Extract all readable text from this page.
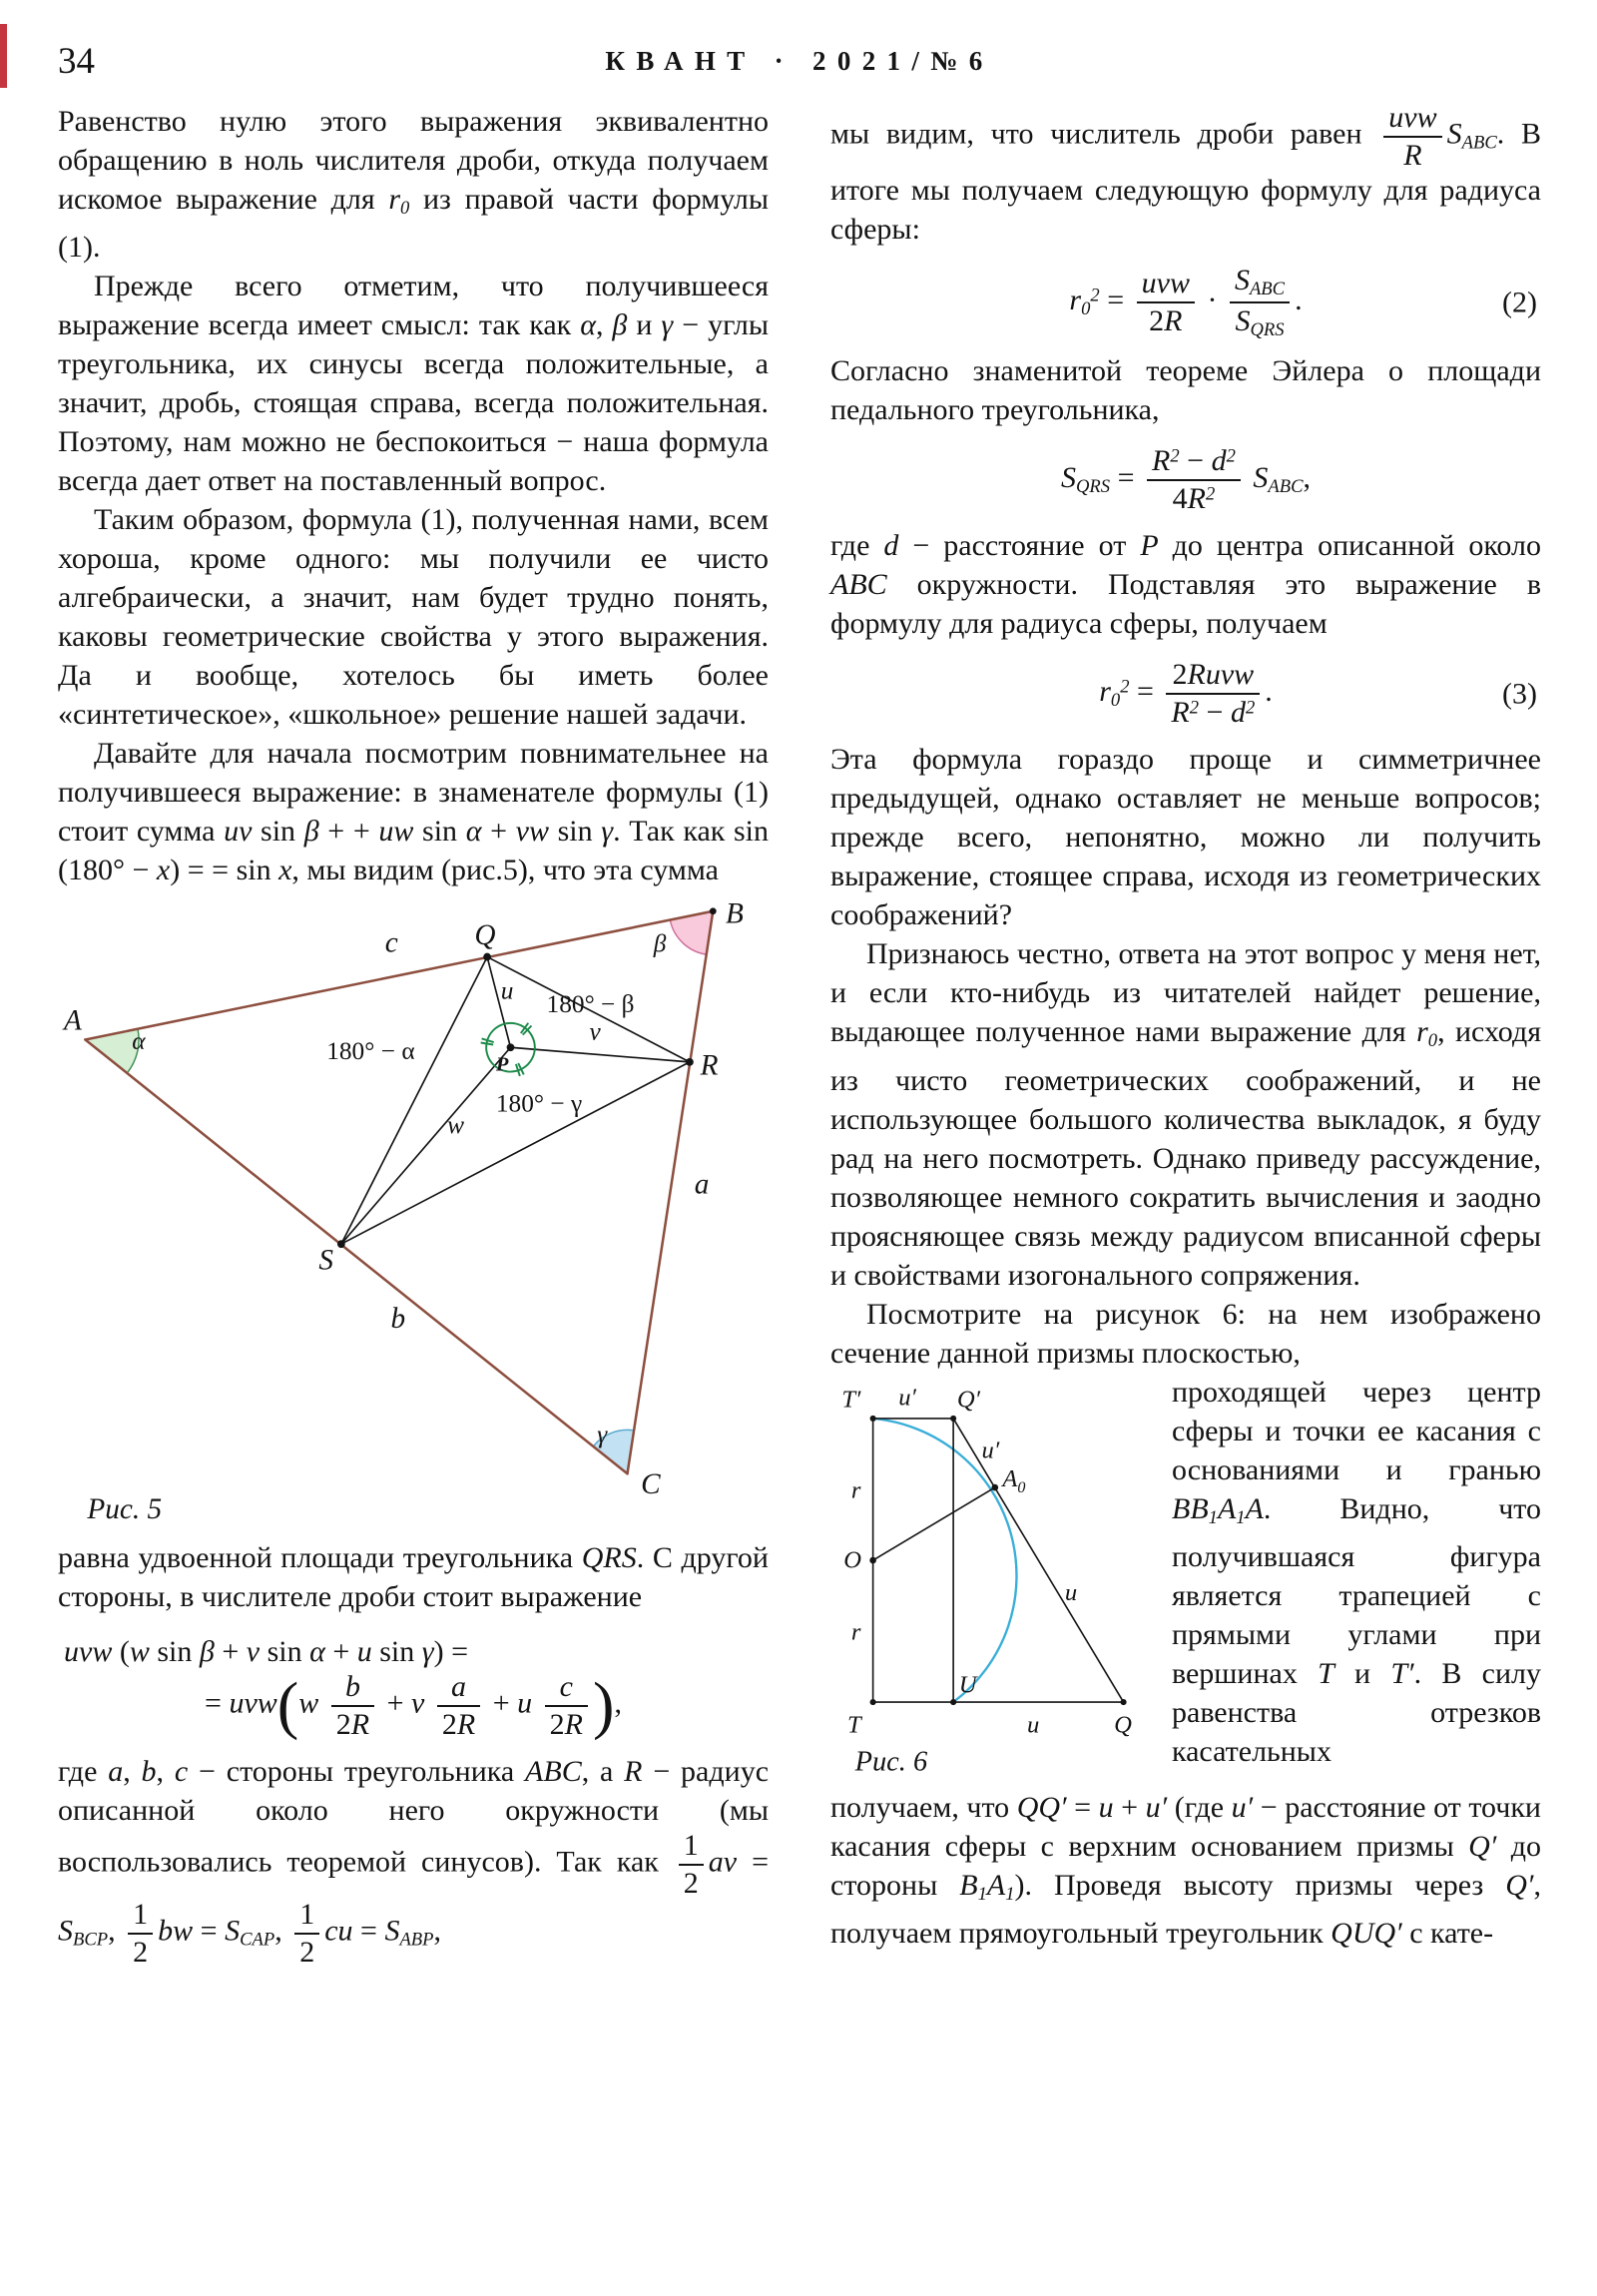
34	КВАНТ · 2021/№6

Равенство нулю этого выражения эквивалентно обращению в ноль числителя дроби, откуда получаем искомое выражение для $r_0$ из правой части формулы (1).

Прежде всего отметим, что получившееся выражение всегда имеет смысл: так как α, β и γ − углы треугольника, их синусы всегда положительные, а значит, дробь, стоящая справа, всегда положительная. Поэтому, нам можно не беспокоиться − наша формула всегда дает ответ на поставленный вопрос.

Таким образом, формула (1), полученная нами, всем хороша, кроме одного: мы получили ее чисто алгебраически, а значит, нам будет трудно понять, каковы геометрические свойства у этого выражения. Да и вообще, хотелось бы иметь более «синтетическое», «школьное» решение нашей задачи.

Давайте для начала посмотрим повнимательнее на получившееся выражение: в знаменателе формулы (1) стоит сумма uv sin β + + uw sin α + vw sin γ. Так как sin (180° − x) = = sin x, мы видим (рис.5), что эта сумма

A
B
C
Q
R
S
P
α
β
γ
c
a
b
u
v
w
180° − β
180° − α
180° − γ
Рис. 5

равна удвоенной площади треугольника QRS. С другой стороны, в числителе дроби стоит выражение

uvw (w sin β + v sin α + u sin γ) =
= $uvw(w \frac{b}{2R} + v \frac{a}{2R} + u \frac{c}{2R}$ ),

где a, b, c − стороны треугольника ABC, а R − радиус описанной около него окружности (мы воспользовались теоремой синусов). Так как $\frac{1}{2}$ av = $S_{BCP}$, $\frac{1}{2}$ bw = $S_{CAP}$, $\frac{1}{2}$ cu = $S_{ABP}$,

мы видим, что числитель дроби равен $\frac{\text{uvw}}{R} S_{ABC}$. В итоге мы получаем следующую формулу для радиуса сферы:

$r_0^2 = \frac{\text{uvw}}{2R} \cdot \frac{S_{ABC}}{S_{QRS}}$ .	(2)

Согласно знаменитой теореме Эйлера о площади педального треугольника,

$S_{QRS} = \frac{R^2 - d^2}{4R^2} S_{ABC}$,

где d − расстояние от P до центра описанной около ABC окружности. Подставляя это выражение в формулу для радиуса сферы, получаем

$r_0^2 = \frac{\text{2Ruvw}}{R^2 - d^2}$ .	(3)

Эта формула гораздо проще и симметричнее предыдущей, однако оставляет не меньше вопросов; прежде всего, непонятно, можно ли получить выражение, стоящее справа, исходя из геометрических соображений?

Признаюсь честно, ответа на этот вопрос у меня нет, и если кто-нибудь из читателей найдет решение, выдающее полученное нами выражение для $r_0$, исходя из чисто геометрических соображений, и не использующее большого количества выкладок, я буду рад на него посмотреть. Однако приведу рассуждение, позволяющее немного сократить вычисления и заодно проясняющее связь между радиусом вписанной сферы и свойствами изогонального сопряжения.

Посмотрите на рисунок 6: на нем изображено сечение данной призмы плоскостью,

T′ u′ Q′
u′
$A_0$
O
r
r
T
U
u	Q
u
Рис. 6

проходящей через центр сферы и точки ее касания с основаниями и гранью $BB_1A_1A$. Видно, что получившаяся фигура является трапецией с прямыми углами при вершинах T и T′. В силу равенства отрезков касательных

получаем, что QQ′ = u + u′ (где u′ − расстояние от точки касания сферы с верхним основанием призмы Q′ до стороны $B_1A_1$). Проведя высоту призмы через Q′, получаем прямоугольный треугольник QUQ′ с кате-
